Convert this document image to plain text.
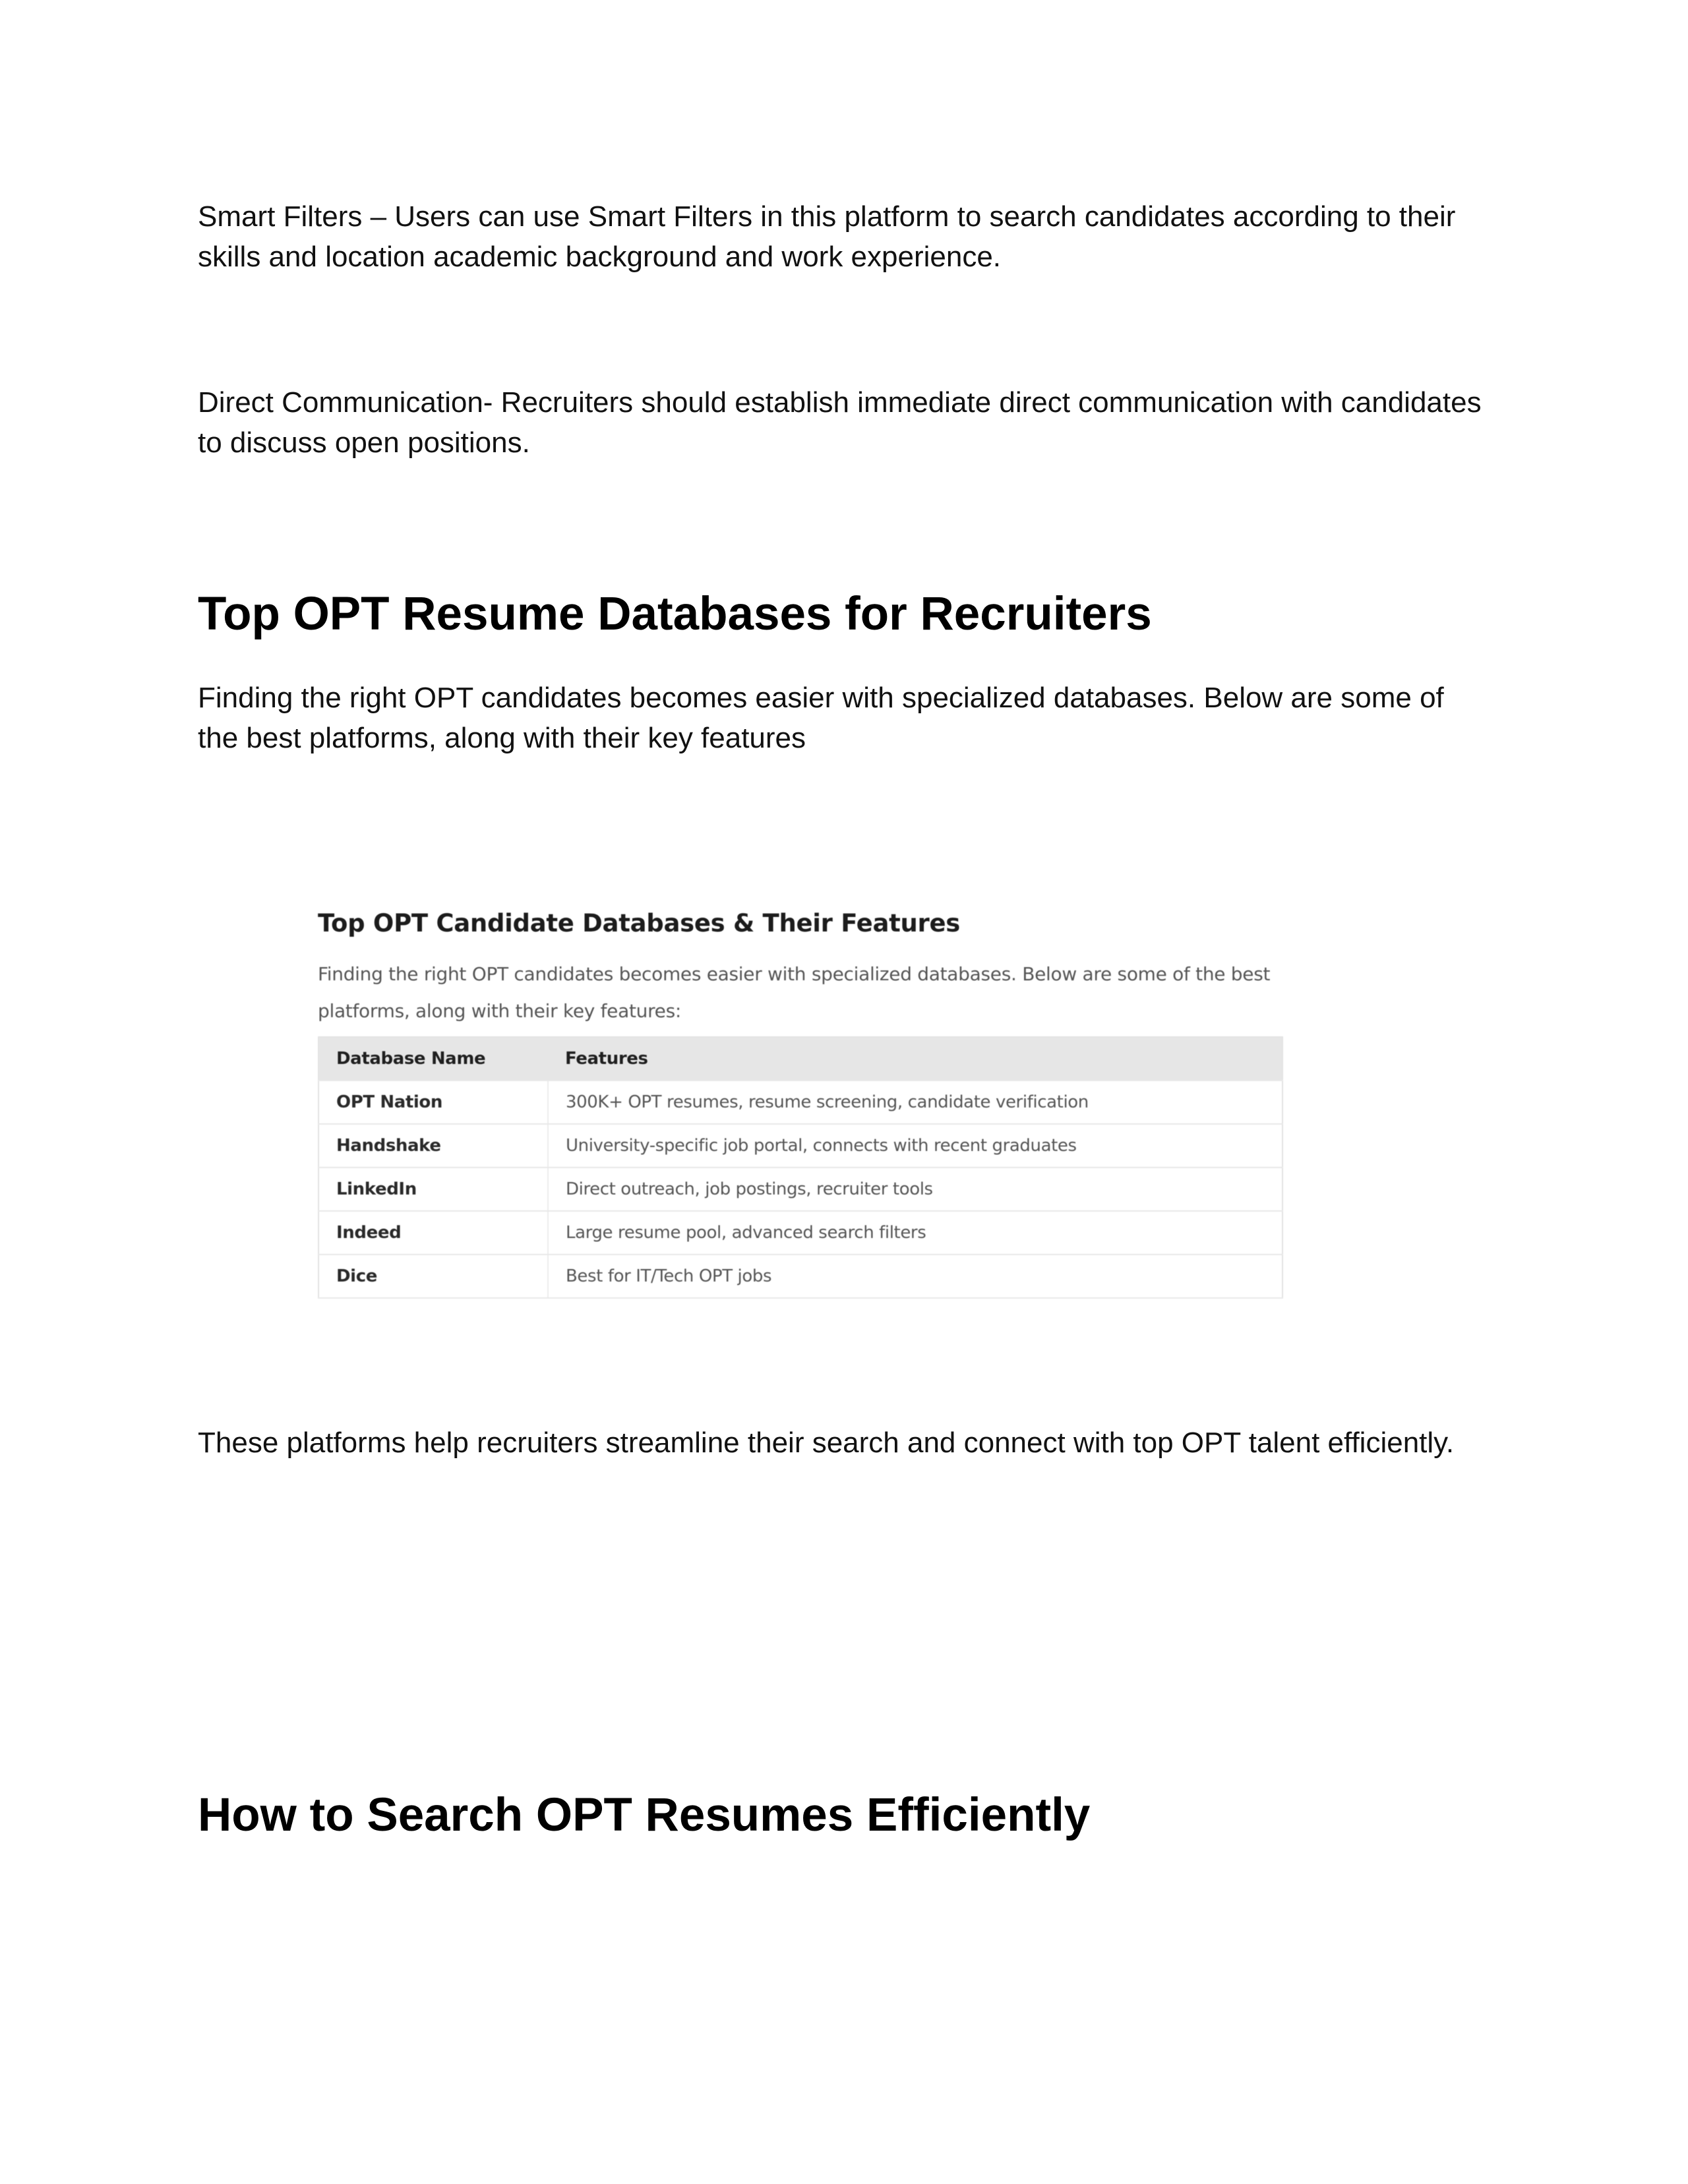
Smart Filters – Users can use Smart Filters in this platform to search candidates according to their skills and location academic background and work experience.

Direct Communication- Recruiters should establish immediate direct communication with candidates to discuss open positions.

Top OPT Resume Databases for Recruiters

Finding the right OPT candidates becomes easier with specialized databases. Below are some of the best platforms, along with their key features

Top OPT Candidate Databases & Their Features

Finding the right OPT candidates becomes easier with specialized databases. Below are some of the best platforms, along with their key features:

Database Name	Features
OPT Nation	300K+ OPT resumes, resume screening, candidate verification
Handshake	University-specific job portal, connects with recent graduates
LinkedIn	Direct outreach, job postings, recruiter tools
Indeed	Large resume pool, advanced search filters
Dice	Best for IT/Tech OPT jobs

These platforms help recruiters streamline their search and connect with top OPT talent efficiently.

How to Search OPT Resumes Efficiently
